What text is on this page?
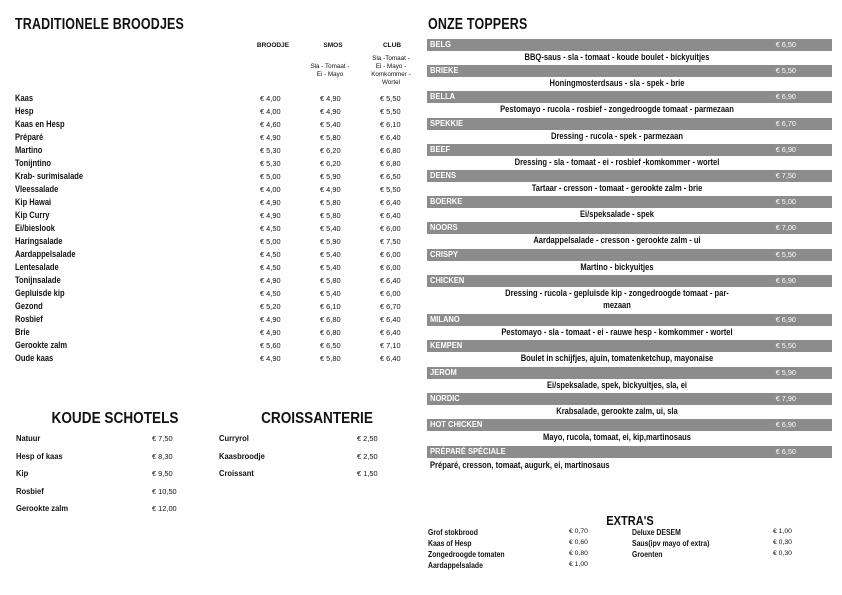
TRADITIONELE BROODJES
BROODJE	SMOS	CLUB
Sla - Tomaat - Ei - Mayo
Sla -Tomaat - Ei - Mayo - Komkommer - Wortel
Kaas	€ 4,00	€ 4,90	€ 5,50
Hesp	€ 4,00	€ 4,90	€ 5,50
Kaas en Hesp	€ 4,60	€ 5,40	€ 6,10
Préparé	€ 4,90	€ 5,80	€ 6,40
Martino	€ 5,30	€ 6,20	€ 6,80
Tonijntino	€ 5,30	€ 6,20	€ 6,80
Krab- surimisalade	€ 5,00	€ 5,90	€ 6,50
Vleessalade	€ 4,00	€ 4,90	€ 5,50
Kip Hawai	€ 4,90	€ 5,80	€ 6,40
Kip Curry	€ 4,90	€ 5,80	€ 6,40
Ei/bieslook	€ 4,50	€ 5,40	€ 6,00
Haringsalade	€ 5,00	€ 5,90	€ 7,50
Aardappelsalade	€ 4,50	€ 5,40	€ 6,00
Lentesalade	€ 4,50	€ 5,40	€ 6,00
Tonijnsalade	€ 4,90	€ 5,80	€ 6,40
Gepluisde kip	€ 4,50	€ 5,40	€ 6,00
Gezond	€ 5,20	€ 6,10	€ 6,70
Rosbief	€ 4,90	€ 6,80	€ 6,40
Brie	€ 4,90	€ 6,80	€ 6,40
Gerookte zalm	€ 5,60	€ 6,50	€ 7,10
Oude kaas	€ 4,90	€ 5,80	€ 6,40
KOUDE SCHOTELS
Natuur	€ 7,50
Hesp of kaas	€ 8,30
Kip	€ 9,50
Rosbief	€ 10,50
Gerookte zalm	€ 12,00
CROISSANTERIE
Curryrol	€ 2,50
Kaasbroodje	€ 2,50
Croissant	€ 1,50
ONZE TOPPERS
BELG	€ 6,50
BBQ-saus - sla - tomaat - koude boulet - bickyuitjes
BRIEKE	€ 5,50
Honingmosterdsaus - sla - spek - brie
BELLA	€ 6,90
Pestomayo - rucola - rosbief - zongedroogde tomaat - parmezaan
SPEKKIE	€ 6,70
Dressing - rucola - spek - parmezaan
BEEF	€ 6,90
Dressing - sla - tomaat - ei - rosbief -komkommer - wortel
DEENS	€ 7,50
Tartaar - cresson - tomaat - gerookte zalm - brie
BOERKE	€ 5,00
Ei/speksalade - spek
NOORS	€ 7,00
Aardappelsalade - cresson - gerookte zalm - ui
CRISPY	€ 5,50
Martino - bickyuitjes
CHICKEN	€ 6,90
Dressing - rucola - gepluisde kip - zongedroogde tomaat - par-
mezaan
MILANO	€ 6,90
Pestomayo - sla - tomaat - ei - rauwe hesp - komkommer - wortel
KEMPEN	€ 5,50
Boulet in schijfjes, ajuin, tomatenketchup, mayonaise
JEROM	€ 5,90
Ei/speksalade, spek, bickyuitjes, sla, ei
NORDIC	€ 7,90
Krabsalade, gerookte zalm, ui, sla
HOT CHICKEN	€ 6,90
Mayo, rucola, tomaat, ei, kip,martinosaus
PRÉPARÉ SPÉCIALE	€ 6,50
Préparé, cresson, tomaat, augurk, ei, martinosaus
EXTRA'S
Grof stokbrood	€ 0,70
Kaas of Hesp	€ 0,60
Zongedroogde tomaten	€ 0,80
Aardappelsalade	€ 1,00
Deluxe DESEM	€ 1,00
Saus(ipv mayo of extra)	€ 0,30
Groenten	€ 0,30
